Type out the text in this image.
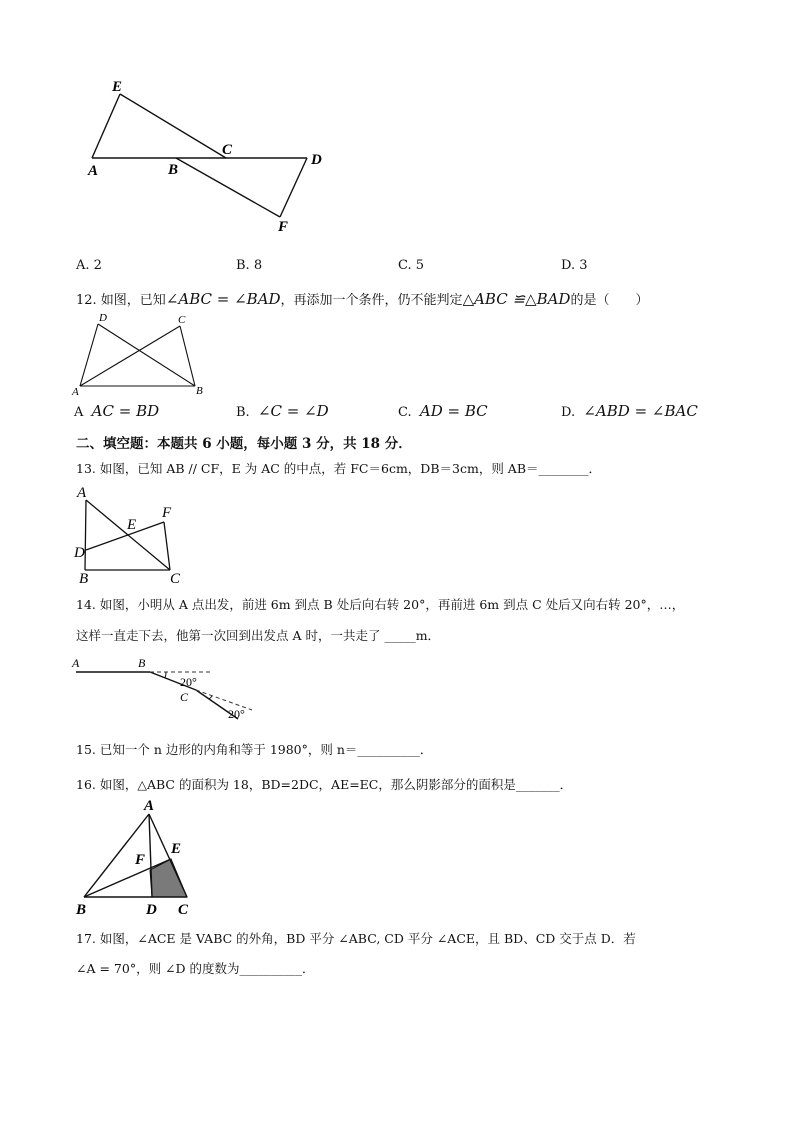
E
A	B
C
D
F
A. 2	B. 8	C. 5	D. 3
12. 如图，已知∠ABC = ∠BAD，再添加一个条件，仍不能判定△ABC ≌△BAD的是（　　）
D	C
A	B
A AC = BD	B. ∠C = ∠D	C. AD = BC	D. ∠ABD = ∠BAC
二、填空题：本题共 6 小题，每小题 3 分，共 18 分．
13. 如图，已知 AB // CF，E 为 AC 的中点，若 FC＝6cm，DB＝3cm，则 AB＝________．
A
F
E
D
B	C
14. 如图，小明从 A 点出发，前进 6m 到点 B 处后向右转 20°，再前进 6m 到点 C 处后又向右转 20°，…，
这样一直走下去，他第一次回到出发点 A 时，一共走了 _____m．
A	B
C
20°
20°
15. 已知一个 n 边形的内角和等于 1980°，则 n＝__________．
16. 如图，△ABC 的面积为 18，BD=2DC，AE=EC，那么阴影部分的面积是_______．
A
E
F
B	D C
17. 如图，∠ACE 是 VABC 的外角，BD 平分 ∠ABC, CD 平分 ∠ACE，且 BD、CD 交于点 D．若
∠A = 70°，则 ∠D 的度数为__________．
